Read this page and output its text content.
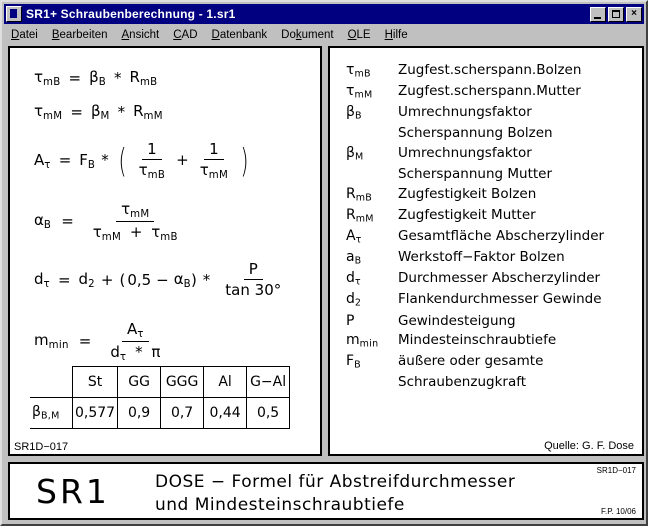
SR1+ Schraubenberechnung - 1.sr1	×
Datei	Bearbeiten	Ansicht	CAD	Datenbank	Dokument	OLE	Hilfe
$\tau_{mB} = \beta_B * R_{mB}$
$\tau_{mM} = \beta_M * R_{mM}$
$A_\tau = F_B$ * ( $\frac{1}{\tau_{mB}} + \frac{1}{\tau_{mM}}$ )
$\alpha_B = \frac{\tau_{mM}}{\tau_{mM} + \tau_{mB}}$
$d_\tau = d_2$ + ( $0,5 - \alpha_B$ ) * $\frac{P}{\tan 30^\circ}$
$m_{min} = \frac{A_\tau}{d_\tau * \pi}$
	St	GG	GGG	Al	G−Al
$\beta_{B,M}$	0,577	0,9	0,7	0,44	0,5
SR1D−017
$\tau_{mB}$	Zugfest.scherspann.Bolzen
$\tau_{mM}$	Zugfest.scherspann.Mutter
$\beta_B$	Umrechnungsfaktor
Scherspannung Bolzen
$\beta_M$	Umrechnungsfaktor
Scherspannung Mutter
$R_{mB}$	Zugfestigkeit Bolzen
$R_{mM}$	Zugfestigkeit Mutter
$A_\tau$	Gesamtfläche Abscherzylinder
$a_B$	Werkstoff−Faktor Bolzen
$d_\tau$	Durchmesser Abscherzylinder
$d_2$	Flankendurchmesser Gewinde
P	Gewindesteigung
$m_{min}$	Mindesteinschraubtiefe
$F_B$	äußere oder gesamte
Schraubenzugkraft
Quelle: G. F. Dose
SR1	DOSE − Formel für Abstreifdurchmesser
und Mindesteinschraubtiefe
SR1D−017
F.P. 10/06
